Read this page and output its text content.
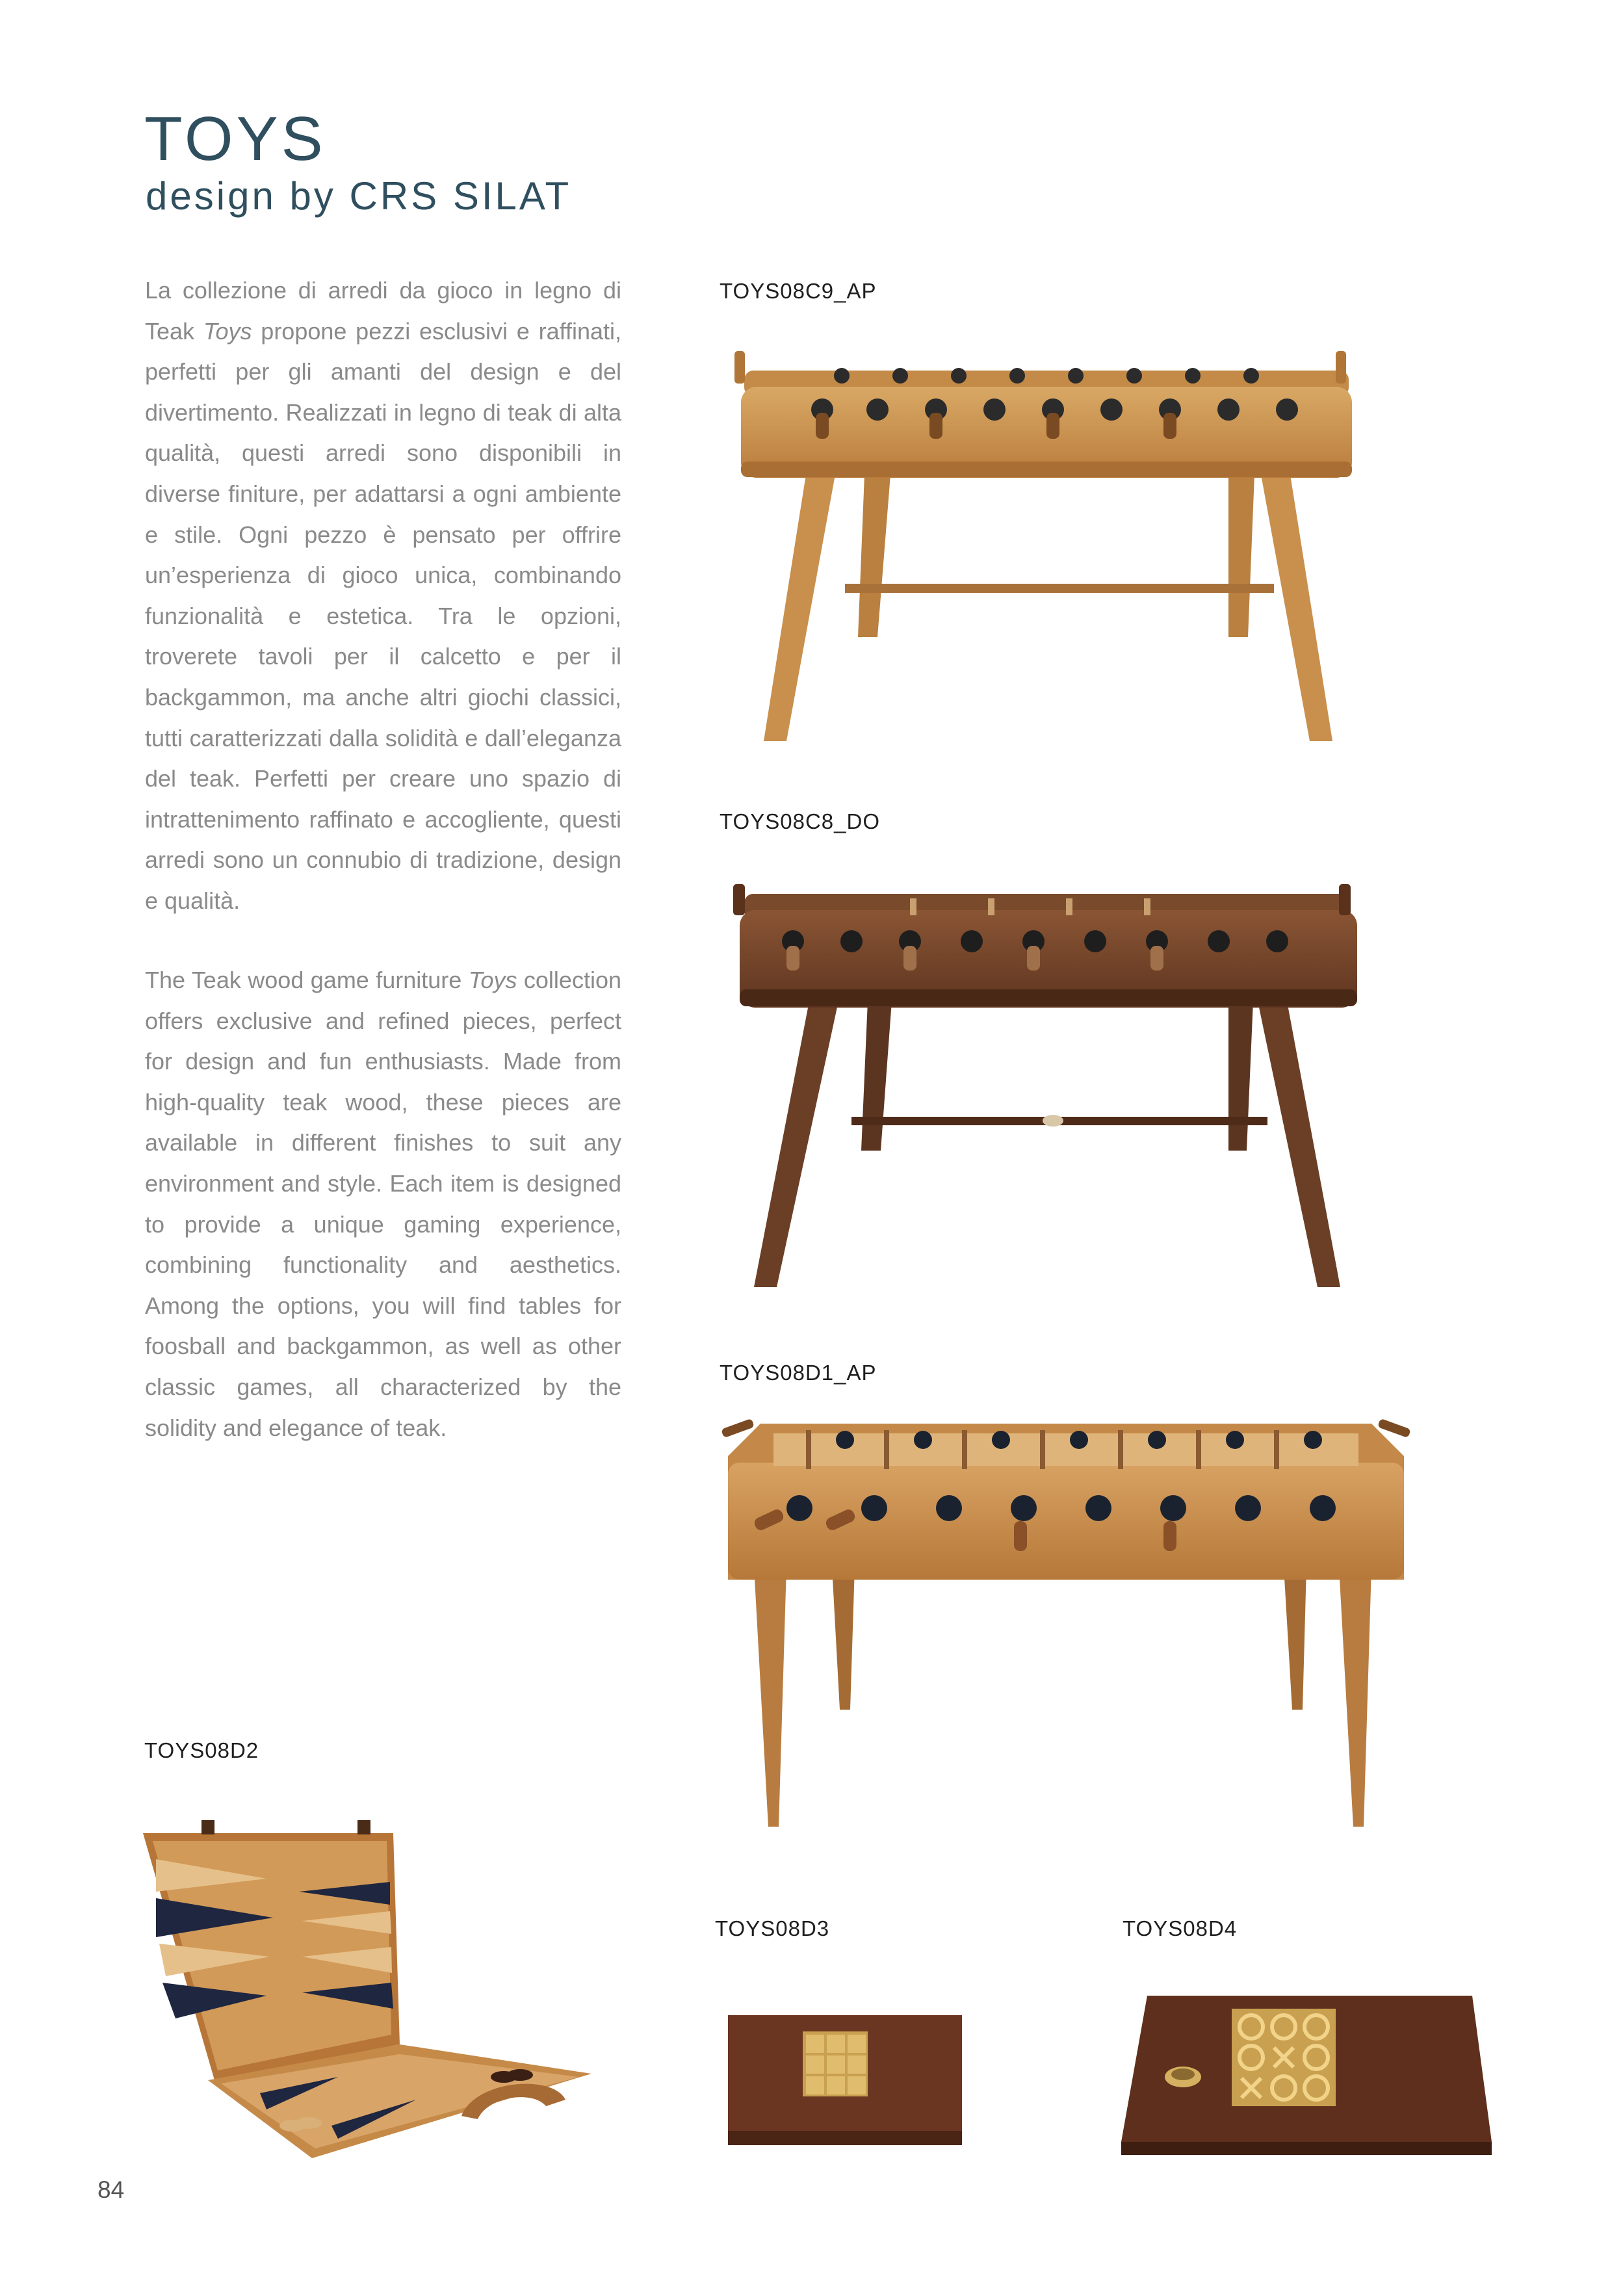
TOYS
design by CRS SILAT

La collezione di arredi da gioco in legno di Teak Toys propone pezzi esclusivi e raffinati, perfetti per gli amanti del design e del divertimento. Realizzati in legno di teak di alta qualità, questi arredi sono disponibili in diverse finiture, per adattarsi a ogni ambiente e stile. Ogni pezzo è pensato per offrire un’esperienza di gioco unica, combinando funzionalità e estetica. Tra le opzioni, troverete tavoli per il calcetto e per il backgammon, ma anche altri giochi classici, tutti caratterizzati dalla solidità e dall’eleganza del teak. Perfetti per creare uno spazio di intrattenimento raffinato e accogliente, questi arredi sono un connubio di tradizione, design e qualità.

The Teak wood game furniture Toys collection offers exclusive and refined pieces, perfect for design and fun enthusiasts. Made from high-quality teak wood, these pieces are available in different finishes to suit any environment and style. Each item is designed to provide a unique gaming experience, combining functionality and aesthetics. Among the options, you will find tables for foosball and backgammon, as well as other classic games, all characterized by the solidity and elegance of teak.

TOYS08C9_AP
TOYS08C8_DO
TOYS08D1_AP
TOYS08D2
TOYS08D3	TOYS08D4
84
